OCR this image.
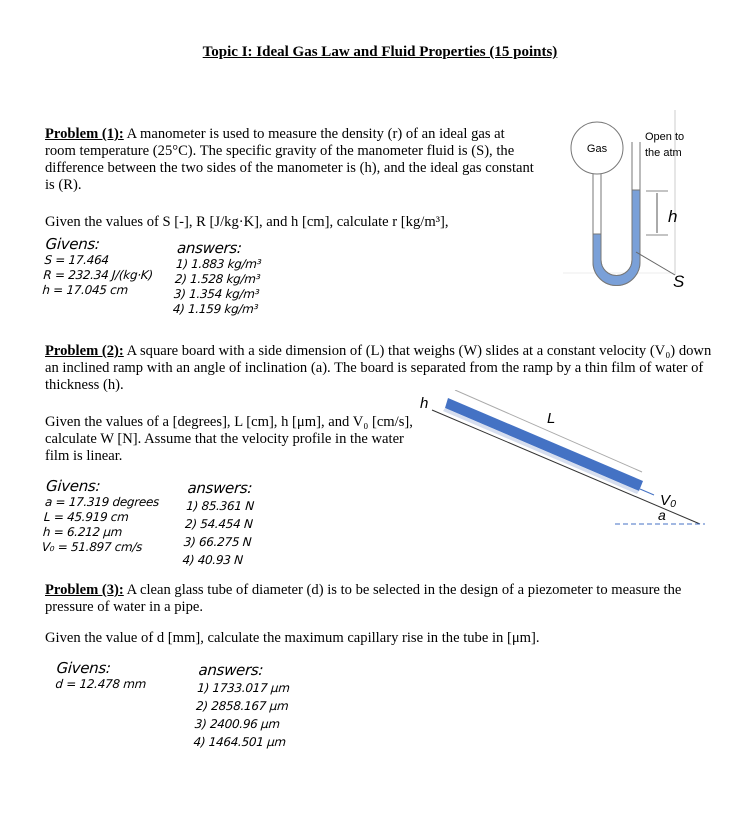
Topic I: Ideal Gas Law and Fluid Properties (15 points)
Problem (1): A manometer is used to measure the density (r) of an ideal gas at room temperature (25°C). The specific gravity of the manometer fluid is (S), the difference between the two sides of the manometer is (h), and the ideal gas constant is (R).
Given the values of S [-], R [J/kg·K], and h [cm], calculate r [kg/m³],
Givens:
S = 17.464
R = 232.34 J/(kg·K)
h = 17.045 cm
answers:
1) 1.883 kg/m³
2) 1.528 kg/m³
3) 1.354 kg/m³
4) 1.159 kg/m³
Gas
Open to
the atm
h
S
Problem (2): A square board with a side dimension of (L) that weighs (W) slides at a constant velocity (V₀) down an inclined ramp with an angle of inclination (a). The board is separated from the ramp by a thin film of water of thickness (h).
Given the values of a [degrees], L [cm], h [μm], and V₀ [cm/s], calculate W [N]. Assume that the velocity profile in the water film is linear.
Givens:
a = 17.319 degrees
L = 45.919 cm
h = 6.212 μm
V₀ = 51.897 cm/s
answers:
1) 85.361 N
2) 54.454 N
3) 66.275 N
4) 40.93 N
h
L
V₀
a
Problem (3): A clean glass tube of diameter (d) is to be selected in the design of a piezometer to measure the pressure of water in a pipe.
Given the value of d [mm], calculate the maximum capillary rise in the tube in [μm].
Givens:
d = 12.478 mm
answers:
1) 1733.017 μm
2) 2858.167 μm
3) 2400.96 μm
4) 1464.501 μm
